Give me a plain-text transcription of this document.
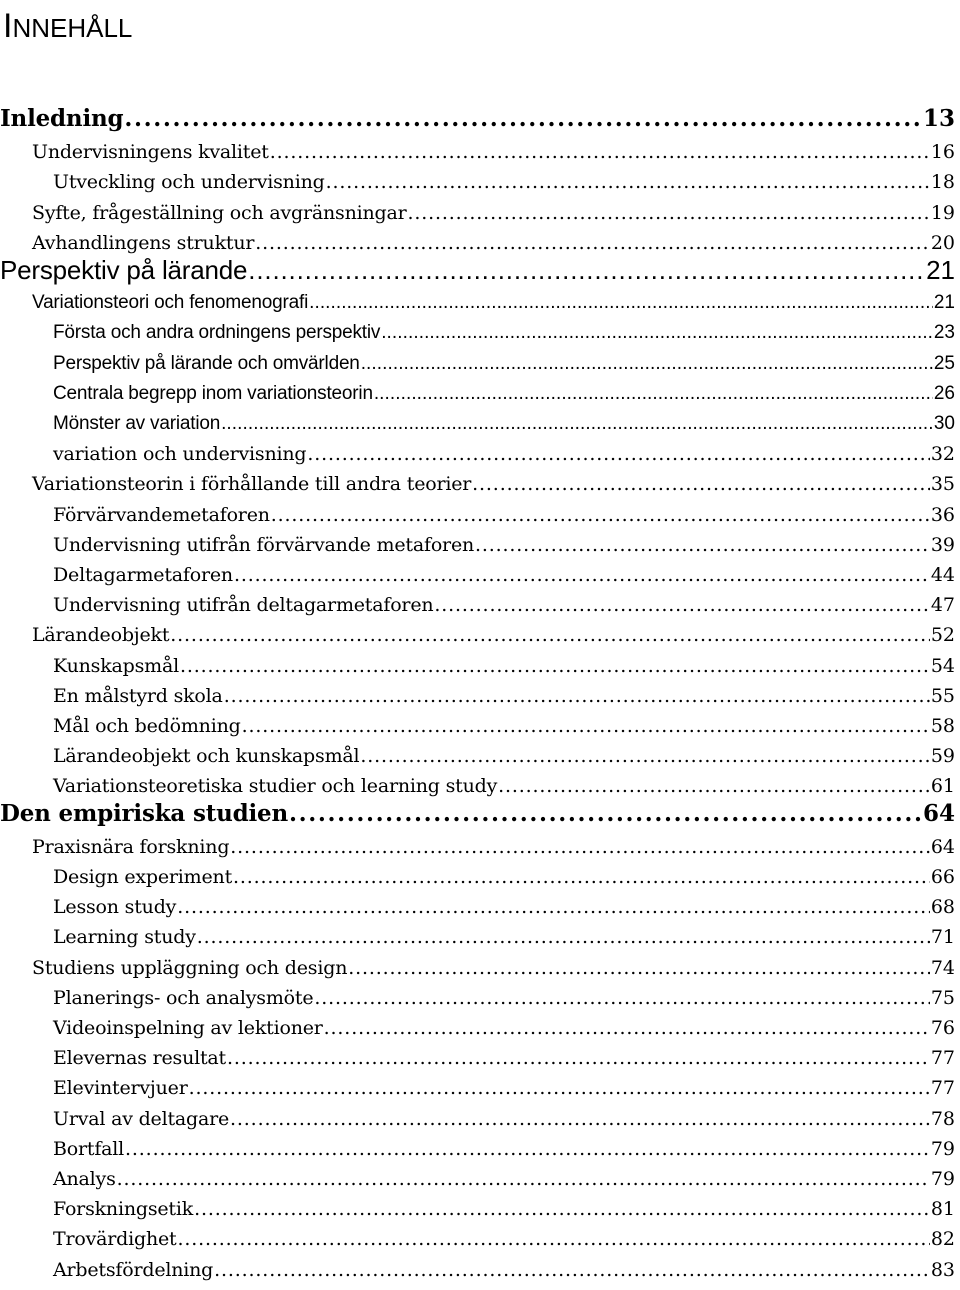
INNEHÅLL
Inledning . . .	13
Undervisningens kvalitet . . .	16
Utveckling och undervisning . . .	18
Syfte, frågeställning och avgränsningar . . .	19
Avhandlingens struktur . . .	20
Perspektiv på lärande . . .	21
Variationsteori och fenomenografi . . .	21
Första och andra ordningens perspektiv . . .	23
Perspektiv på lärande och omvärlden . . .	25
Centrala begrepp inom variationsteorin . . .	26
Mönster av variation . . .	30
variation och undervisning . . .	32
Variationsteorin i förhållande till andra teorier . . .	35
Förvärvandemetaforen . . .	36
Undervisning utifrån förvärvande metaforen . . .	39
Deltagarmetaforen . . .	44
Undervisning utifrån deltagarmetaforen . . .	47
Lärandeobjekt . . .	52
Kunskapsmål . . .	54
En målstyrd skola . . .	55
Mål och bedömning . . .	58
Lärandeobjekt och kunskapsmål . . .	59
Variationsteoretiska studier och learning study . . .	61
Den empiriska studien . . .	64
Praxisnära forskning . . .	64
Design experiment . . .	66
Lesson study . . .	68
Learning study . . .	71
Studiens uppläggning och design . . .	74
Planerings- och analysmöte . . .	75
Videoinspelning av lektioner . . .	76
Elevernas resultat . . .	77
Elevintervjuer . . .	77
Urval av deltagare . . .	78
Bortfall . . .	79
Analys . . .	79
Forskningsetik . . .	81
Trovärdighet . . .	82
Arbetsfördelning . . .	83
